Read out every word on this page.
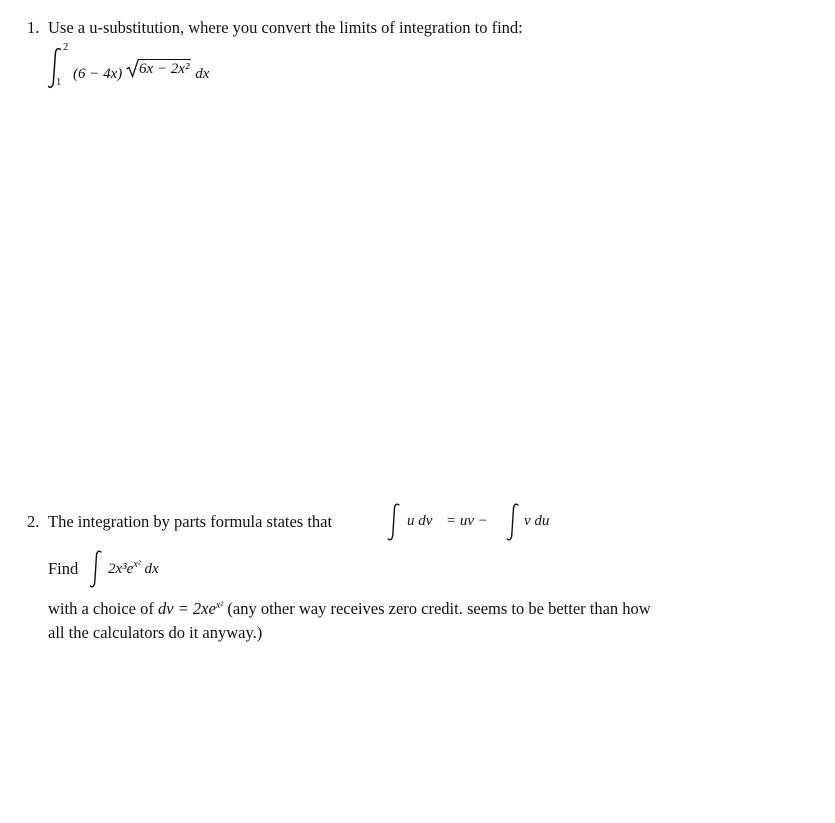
1. Use a u-substitution, where you convert the limits of integration to find:
2
1
(6 − 4x) 6x − 2x² dx
2. The integration by parts formula states that	u dv = uv − v du
Find $2x^3e^{x^2}$ dx
with a choice of dv = $2xe^{x^2}$ (any other way receives zero credit. seems to be better than how
all the calculators do it anyway.)
